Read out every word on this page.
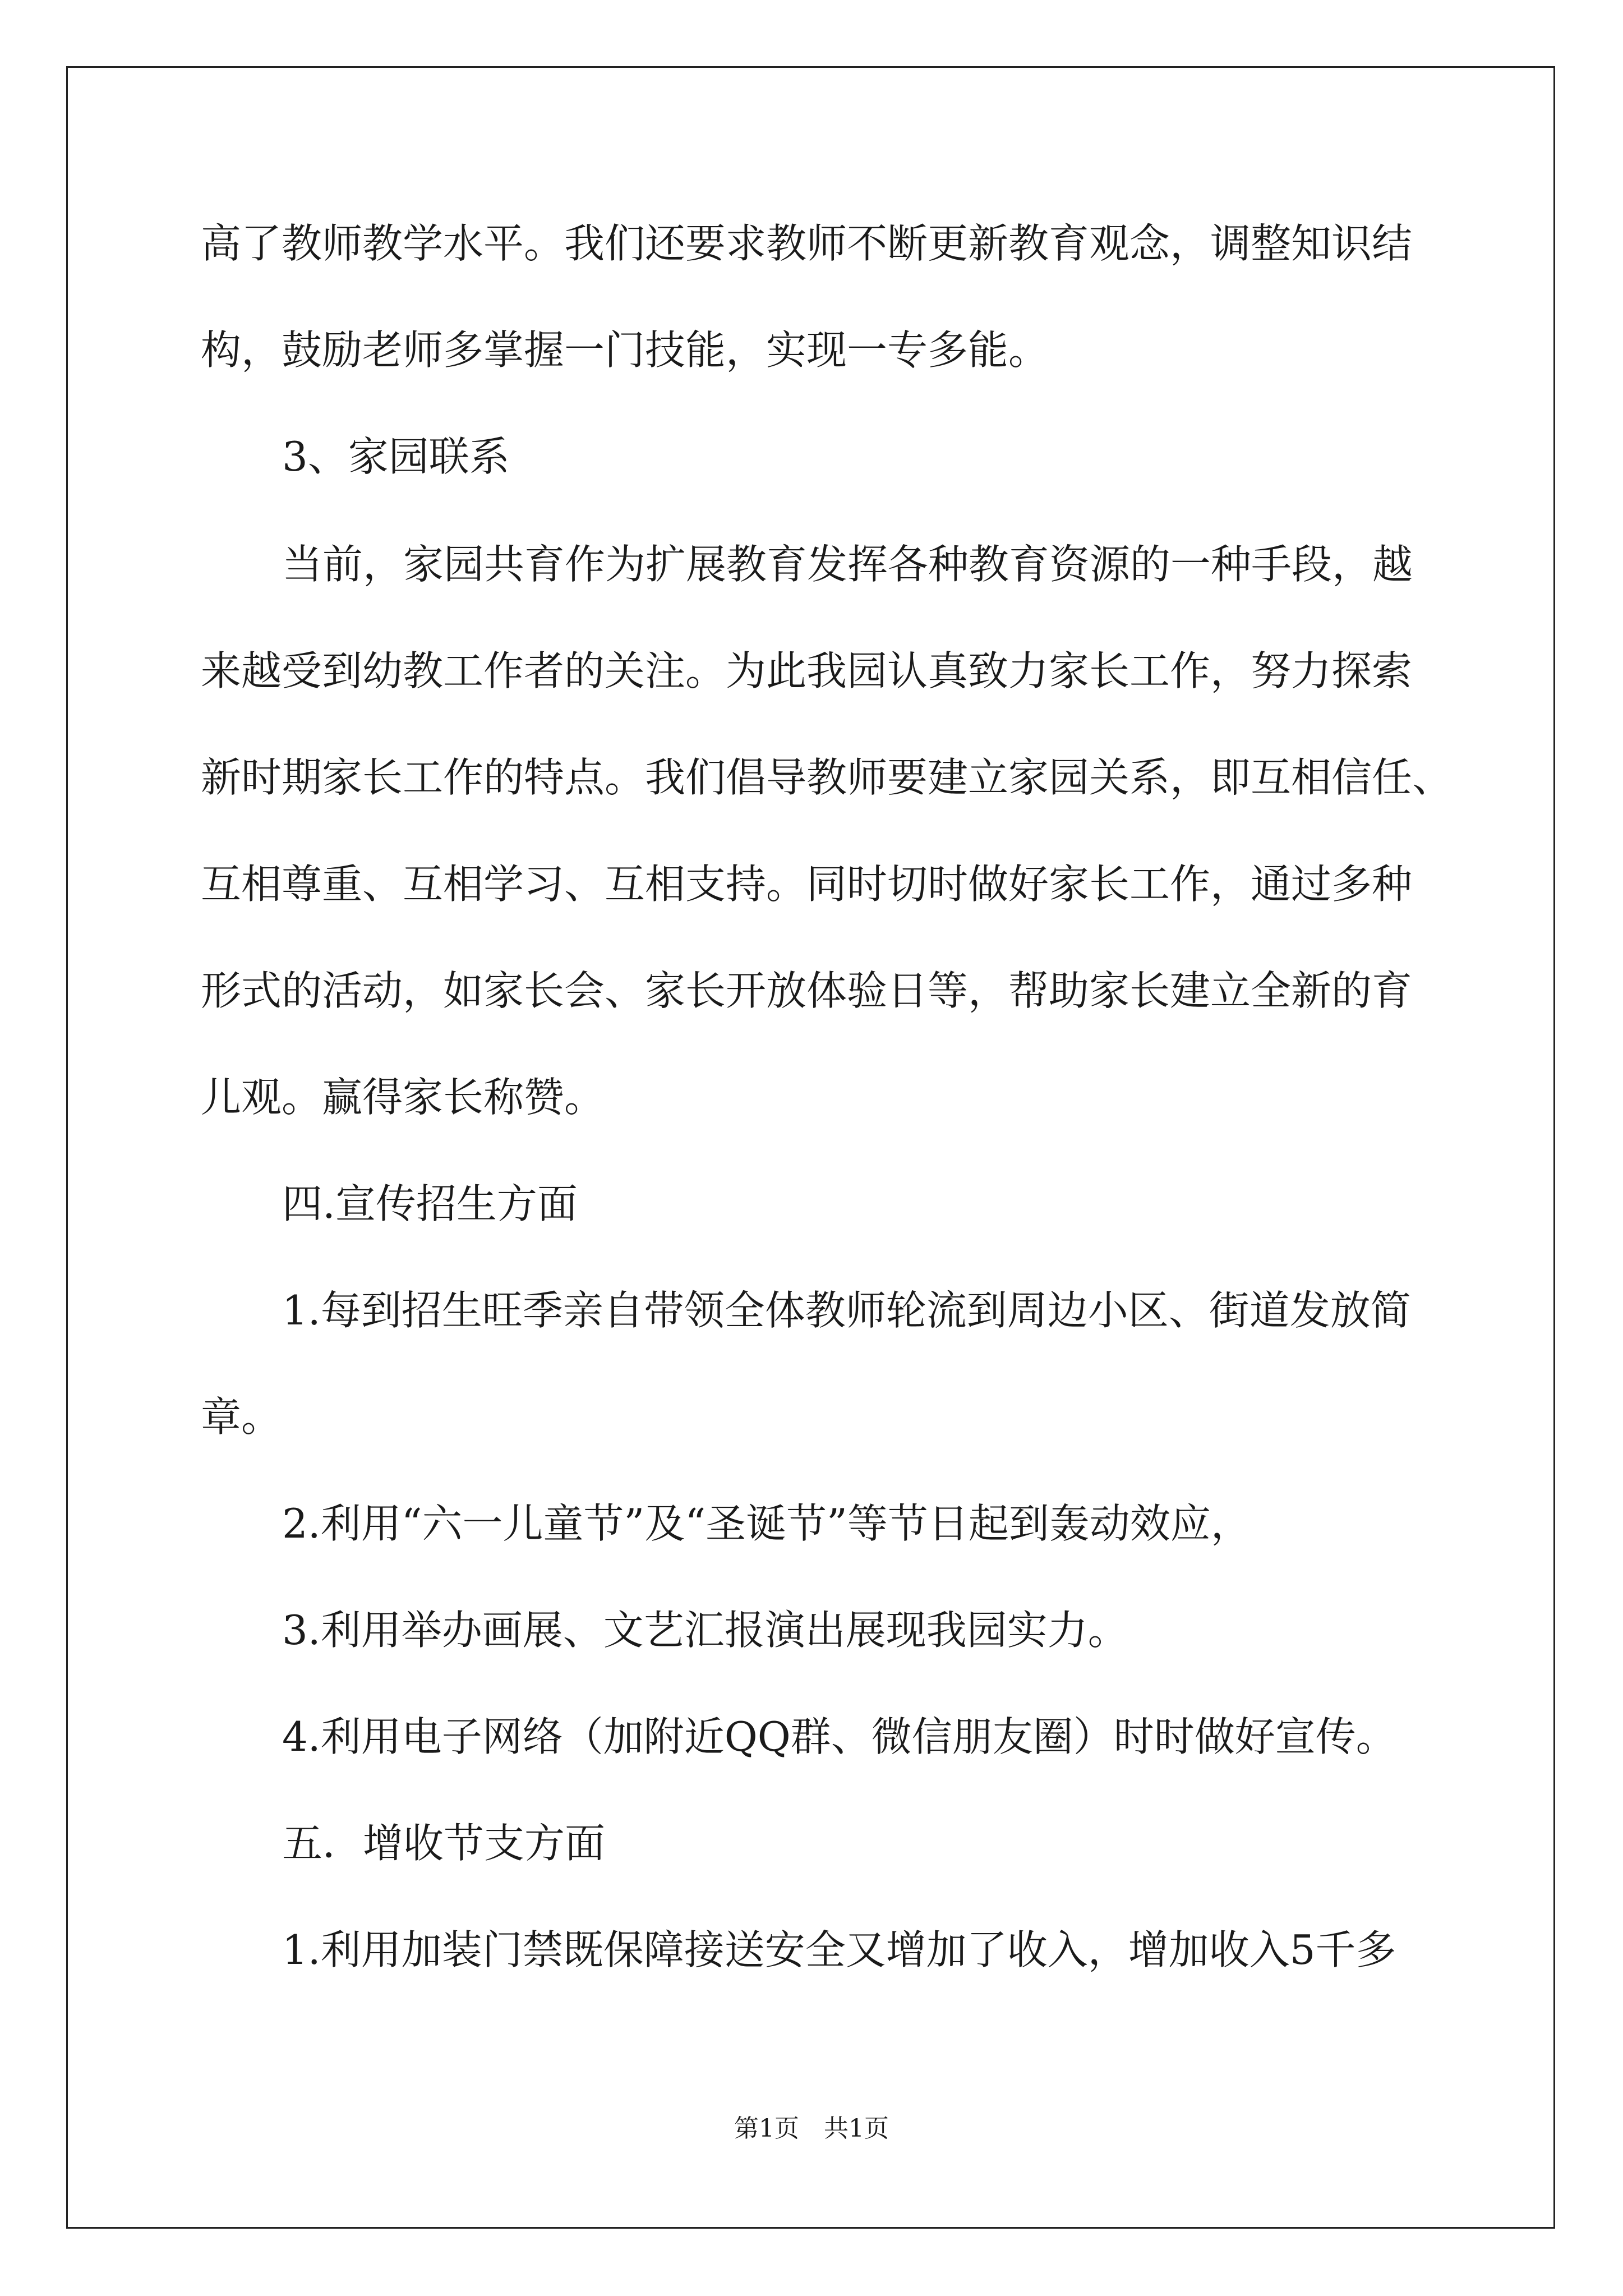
高了教师教学水平。我们还要求教师不断更新教育观念，调整知识结
构，鼓励老师多掌握一门技能，实现一专多能。
3、家园联系
当前，家园共育作为扩展教育发挥各种教育资源的一种手段，越
来越受到幼教工作者的关注。为此我园认真致力家长工作，努力探索
新时期家长工作的特点。我们倡导教师要建立家园关系，即互相信任、
互相尊重、互相学习、互相支持。同时切时做好家长工作，通过多种
形式的活动，如家长会、家长开放体验日等，帮助家长建立全新的育
儿观。赢得家长称赞。
四.宣传招生方面
1.每到招生旺季亲自带领全体教师轮流到周边小区、街道发放简
章。
2.利用“六一儿童节”及“圣诞节”等节日起到轰动效应，
3.利用举办画展、文艺汇报演出展现我园实力。
4.利用电子网络（加附近QQ群、微信朋友圈）时时做好宣传。
五．增收节支方面
1.利用加装门禁既保障接送安全又增加了收入，增加收入5千多
第1页　共1页
